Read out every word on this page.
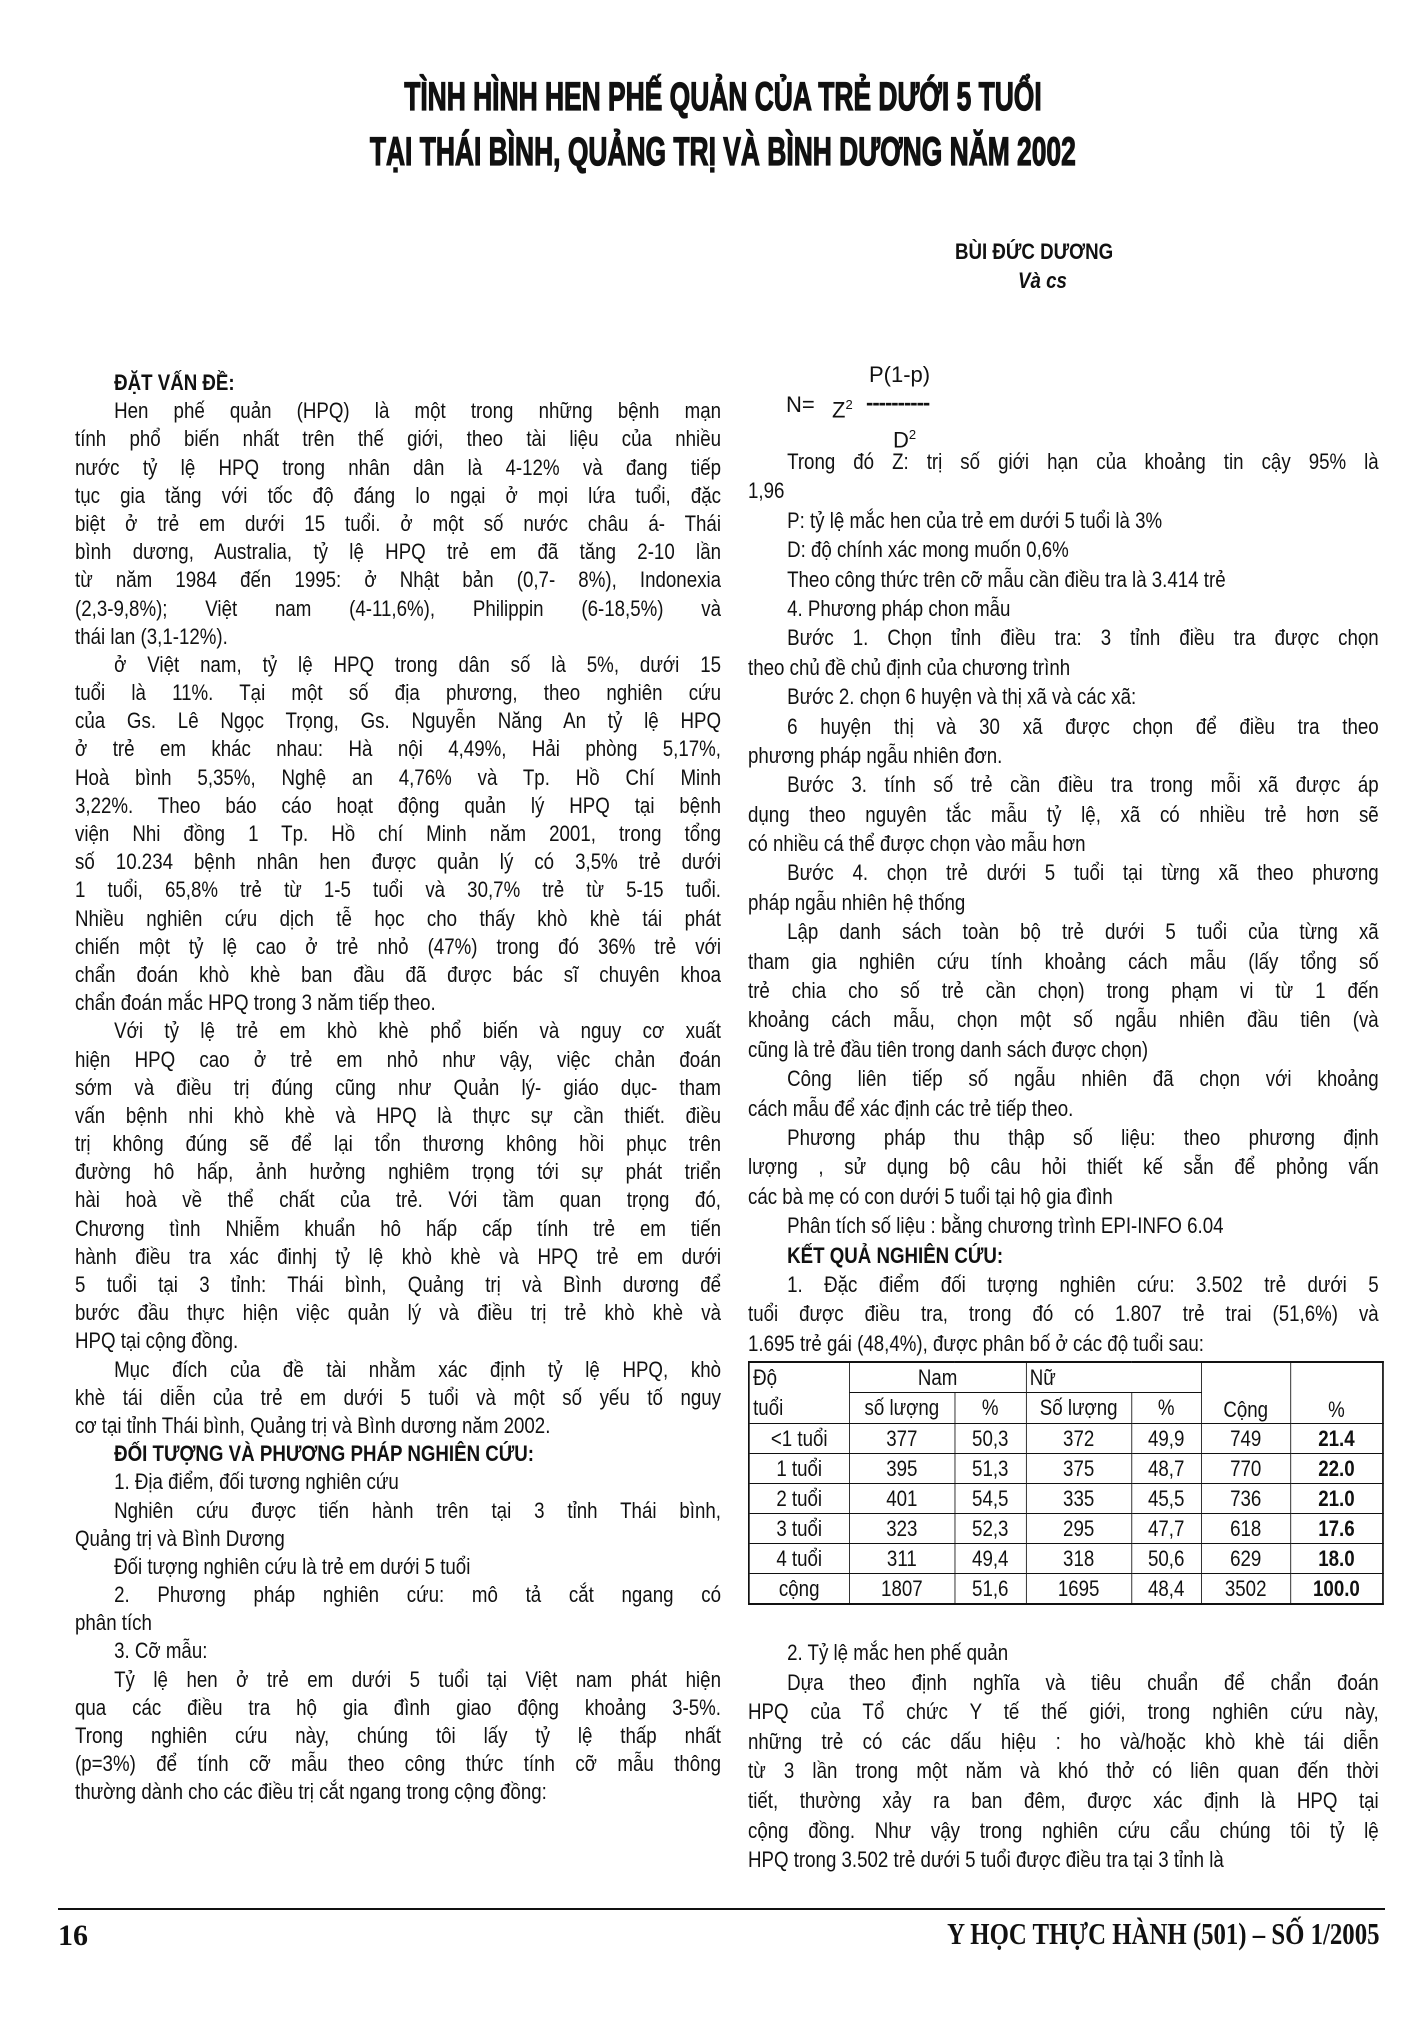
TÌNH HÌNH HEN PHẾ QUẢN CỦA TRẺ DƯỚI 5 TUỔI
TẠI THÁI BÌNH, QUẢNG TRỊ VÀ BÌNH DƯƠNG NĂM 2002
BÙI ĐỨC DƯƠNG
Và cs
ĐẶT VẤN ĐỀ:
Hen phế quản (HPQ) là một trong những bệnh mạn
tính phổ biến nhất trên thế giới, theo tài liệu của nhiều
nước tỷ lệ HPQ trong nhân dân là 4-12% và đang tiếp
tục gia tăng với tốc độ đáng lo ngại ở mọi lứa tuổi, đặc
biệt ở trẻ em dưới 15 tuổi. ở một số nước châu á- Thái
bình dương, Australia, tỷ lệ HPQ trẻ em đã tăng 2-10 lần
từ năm 1984 đến 1995: ở Nhật bản (0,7- 8%), Indonexia
(2,3-9,8%); Việt nam (4-11,6%), Philippin (6-18,5%) và
thái lan (3,1-12%).
ở Việt nam, tỷ lệ HPQ trong dân số là 5%, dưới 15
tuổi là 11%. Tại một số địa phương, theo nghiên cứu
của Gs. Lê Ngọc Trọng, Gs. Nguyễn Năng An tỷ lệ HPQ
ở trẻ em khác nhau: Hà nội 4,49%, Hải phòng 5,17%,
Hoà bình 5,35%, Nghệ an 4,76% và Tp. Hồ Chí Minh
3,22%. Theo báo cáo hoạt động quản lý HPQ tại bệnh
viện Nhi đồng 1 Tp. Hồ chí Minh năm 2001, trong tổng
số 10.234 bệnh nhân hen được quản lý có 3,5% trẻ dưới
1 tuổi, 65,8% trẻ từ 1-5 tuổi và 30,7% trẻ từ 5-15 tuổi.
Nhiều nghiên cứu dịch tễ học cho thấy khò khè tái phát
chiến một tỷ lệ cao ở trẻ nhỏ (47%) trong đó 36% trẻ với
chẩn đoán khò khè ban đầu đã được bác sĩ chuyên khoa
chẩn đoán mắc HPQ trong 3 năm tiếp theo.
Với tỷ lệ trẻ em khò khè phổ biến và nguy cơ xuất
hiện HPQ cao ở trẻ em nhỏ như vậy, việc chản đoán
sớm và điều trị đúng cũng như Quản lý- giáo dục- tham
vấn bệnh nhi khò khè và HPQ là thực sự cần thiết. điều
trị không đúng sẽ để lại tổn thương không hồi phục trên
đường hô hấp, ảnh hưởng nghiêm trọng tới sự phát triển
hài hoà về thể chất của trẻ. Với tầm quan trọng đó,
Chương tình Nhiễm khuẩn hô hấp cấp tính trẻ em tiến
hành điều tra xác đinhj tỷ lệ khò khè và HPQ trẻ em dưới
5 tuổi tại 3 tỉnh: Thái bình, Quảng trị và Bình dương để
bước đầu thực hiện việc quản lý và điều trị trẻ khò khè và
HPQ tại cộng đồng.
Mục đích của đề tài nhằm xác định tỷ lệ HPQ, khò
khè tái diễn của trẻ em dưới 5 tuổi và một số yếu tố nguy
cơ tại tỉnh Thái bình, Quảng trị và Bình dương năm 2002.
ĐỐI TƯỢNG VÀ PHƯƠNG PHÁP NGHIÊN CỨU:
1. Địa điểm, đối tương nghiên cứu
Nghiên cứu được tiến hành trên tại 3 tỉnh Thái bình,
Quảng trị và Bình Dương
Đối tượng nghiên cứu là trẻ em dưới 5 tuổi
2. Phương pháp nghiên cứu: mô tả cắt ngang có
phân tích
3. Cỡ mẫu:
Tỷ lệ hen ở trẻ em dưới 5 tuổi tại Việt nam phát hiện
qua các điều tra hộ gia đình giao động khoảng 3-5%.
Trong nghiên cứu này, chúng tôi lấy tỷ lệ thấp nhất
(p=3%) để tính cỡ mẫu theo công thức tính cỡ mẫu thông
thường dành cho các điều trị cắt ngang trong cộng đồng:
P(1-p)
$N= Z^2$ ----------
$D^2$
Trong đó Z: trị số giới hạn của khoảng tin cậy 95% là
1,96
P: tỷ lệ mắc hen của trẻ em dưới 5 tuổi là 3%
D: độ chính xác mong muốn 0,6%
Theo công thức trên cỡ mẫu cần điều tra là 3.414 trẻ
4. Phương pháp chon mẫu
Bước 1. Chọn tỉnh điều tra: 3 tỉnh điều tra được chọn
theo chủ đề chủ định của chương trình
Bước 2. chọn 6 huyện và thị xã và các xã:
6 huyện thị và 30 xã được chọn để điều tra theo
phương pháp ngẫu nhiên đơn.
Bước 3. tính số trẻ cần điều tra trong mỗi xã được áp
dụng theo nguyên tắc mẫu tỷ lệ, xã có nhiều trẻ hơn sẽ
có nhiều cá thể được chọn vào mẫu hơn
Bước 4. chọn trẻ dưới 5 tuổi tại từng xã theo phương
pháp ngẫu nhiên hệ thống
Lập danh sách toàn bộ trẻ dưới 5 tuổi của từng xã
tham gia nghiên cứu tính khoảng cách mẫu (lấy tổng số
trẻ chia cho số trẻ cần chọn) trong phạm vi từ 1 đến
khoảng cách mẫu, chọn một số ngẫu nhiên đầu tiên (và
cũng là trẻ đầu tiên trong danh sách được chọn)
Công liên tiếp số ngẫu nhiên đã chọn với khoảng
cách mẫu để xác định các trẻ tiếp theo.
Phương pháp thu thập số liệu: theo phương định
lượng , sử dụng bộ câu hỏi thiết kế sẵn để phỏng vấn
các bà mẹ có con dưới 5 tuổi tại hộ gia đình
Phân tích số liệu : bằng chương trình EPI-INFO 6.04
KẾT QUẢ NGHIÊN CỨU:
1. Đặc điểm đối tượng nghiên cứu: 3.502 trẻ dưới 5
tuổi được điều tra, trong đó có 1.807 trẻ trai (51,6%) và
1.695 trẻ gái (48,4%), được phân bố ở các độ tuổi sau:
Độ
tuổi	Nam		Nữ		Cộng	%
	số lượng	%	Số lượng	%		
<1 tuổi	377	50,3	372	49,9	749	21.4
1 tuổi	395	51,3	375	48,7	770	22.0
2 tuổi	401	54,5	335	45,5	736	21.0
3 tuổi	323	52,3	295	47,7	618	17.6
4 tuổi	311	49,4	318	50,6	629	18.0
cộng	1807	51,6	1695	48,4	3502	100.0
2. Tỷ lệ mắc hen phế quản
Dựa theo định nghĩa và tiêu chuẩn để chẩn đoán
HPQ của Tổ chức Y tế thế giới, trong nghiên cứu này,
những trẻ có các dấu hiệu : ho và/hoặc khò khè tái diễn
từ 3 lần trong một năm và khó thở có liên quan đến thời
tiết, thường xảy ra ban đêm, được xác định là HPQ tại
cộng đồng. Như vậy trong nghiên cứu cẩu chúng tôi tỷ lệ
HPQ trong 3.502 trẻ dưới 5 tuổi được điều tra tại 3 tỉnh là
16	Y HỌC THỰC HÀNH (501) – SỐ 1/2005
